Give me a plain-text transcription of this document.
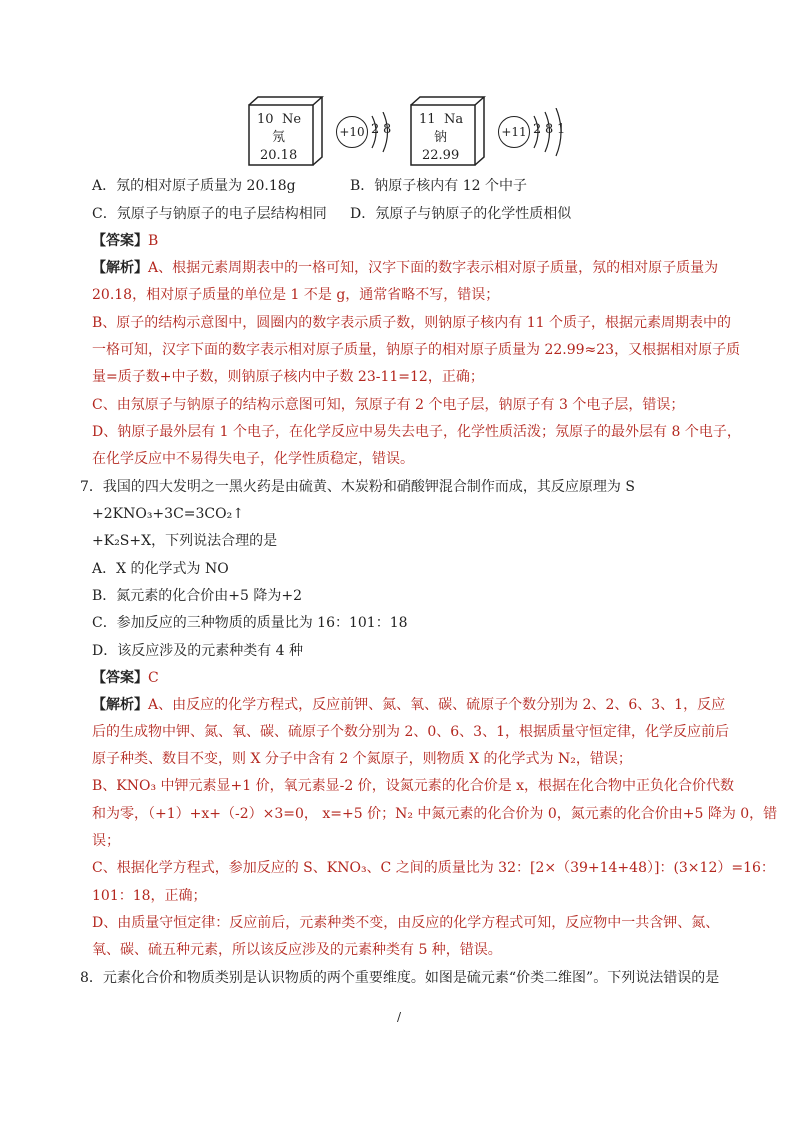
10 Ne
氖
20.18
+10 2 8
11 Na
钠
22.99
+11 2 8 1
A．氖的相对原子质量为 20.18g	B．钠原子核内有 12 个中子
C．氖原子与钠原子的电子层结构相同 D．氖原子与钠原子的化学性质相似
【答案】B
【解析】A、根据元素周期表中的一格可知，汉字下面的数字表示相对原子质量，氖的相对原子质量为
20.18，相对原子质量的单位是 1 不是 g，通常省略不写，错误；
B、原子的结构示意图中，圆圈内的数字表示质子数，则钠原子核内有 11 个质子，根据元素周期表中的
一格可知，汉字下面的数字表示相对原子质量，钠原子的相对原子质量为 22.99≈23，又根据相对原子质
量=质子数+中子数，则钠原子核内中子数 23-11=12，正确；
C、由氖原子与钠原子的结构示意图可知，氖原子有 2 个电子层，钠原子有 3 个电子层，错误；
D、钠原子最外层有 1 个电子，在化学反应中易失去电子，化学性质活泼；氖原子的最外层有 8 个电子，
在化学反应中不易得失电子，化学性质稳定，错误。
7．我国的四大发明之一黑火药是由硫黄、木炭粉和硝酸钾混合制作而成，其反应原理为 S
+2KNO₃+3C=3CO₂↑
+K₂S+X，下列说法合理的是
A．X 的化学式为 NO
B．氮元素的化合价由+5 降为+2
C．参加反应的三种物质的质量比为 16：101：18
D．该反应涉及的元素种类有 4 种
【答案】C
【解析】A、由反应的化学方程式，反应前钾、氮、氧、碳、硫原子个数分别为 2、2、6、3、1，反应
后的生成物中钾、氮、氧、碳、硫原子个数分别为 2、0、6、3、1，根据质量守恒定律，化学反应前后
原子种类、数目不变，则 X 分子中含有 2 个氮原子，则物质 X 的化学式为 N₂，错误；
B、KNO₃ 中钾元素显+1 价，氧元素显-2 价，设氮元素的化合价是 x，根据在化合物中正负化合价代数
和为零，（+1）+x+（-2）×3=0， x=+5 价；N₂ 中氮元素的化合价为 0，氮元素的化合价由+5 降为 0，错
误；
C、根据化学方程式，参加反应的 S、KNO₃、C 之间的质量比为 32：[2×（39+14+48）]：(3×12）=16：
101：18，正确；
D、由质量守恒定律：反应前后，元素种类不变，由反应的化学方程式可知，反应物中一共含钾、氮、
氧、碳、硫五种元素，所以该反应涉及的元素种类有 5 种，错误。
8．元素化合价和物质类别是认识物质的两个重要维度。如图是硫元素“价类二维图”。下列说法错误的是
/
